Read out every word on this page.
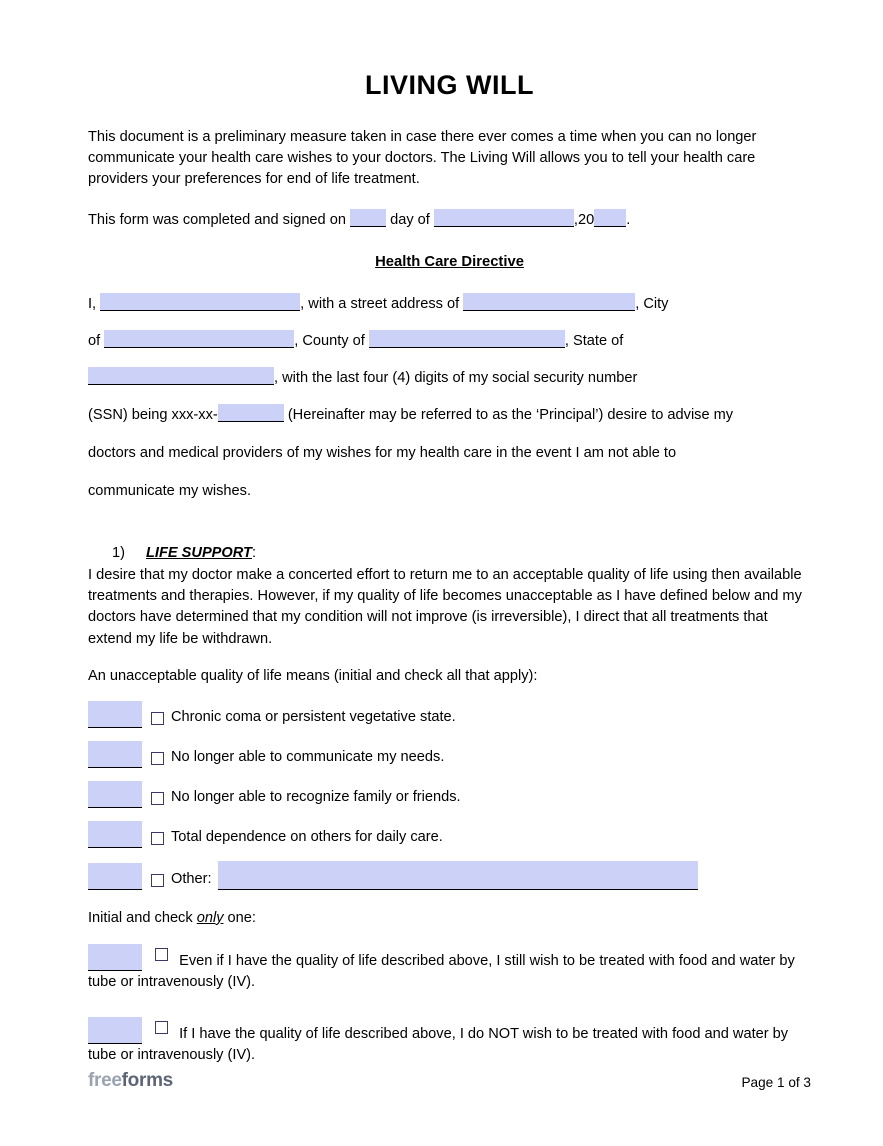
LIVING WILL

This document is a preliminary measure taken in case there ever comes a time when you can no longer communicate your health care wishes to your doctors. The Living Will allows you to tell your health care providers your preferences for end of life treatment.

This form was completed and signed on	day of	,20 .

Health Care Directive

I,	, with a street address of	, City

of	, County of	, State of

, with the last four (4) digits of my social security number

(SSN) being xxx-xx-	(Hereinafter may be referred to as the ‘Principal’) desire to advise my

doctors and medical providers of my wishes for my health care in the event I am not able to

communicate my wishes.

1) LIFE SUPPORT:

I desire that my doctor make a concerted effort to return me to an acceptable quality of life using then available treatments and therapies. However, if my quality of life becomes unacceptable as I have defined below and my doctors have determined that my condition will not improve (is irreversible), I direct that all treatments that extend my life be withdrawn.

An unacceptable quality of life means (initial and check all that apply):

Chronic coma or persistent vegetative state.
No longer able to communicate my needs.
No longer able to recognize family or friends.
Total dependence on others for daily care.
Other:

Initial and check only one:

Even if I have the quality of life described above, I still wish to be treated with food and water by tube or intravenously (IV).

If I have the quality of life described above, I do NOT wish to be treated with food and water by tube or intravenously (IV).

freeforms	Page 1 of 3
